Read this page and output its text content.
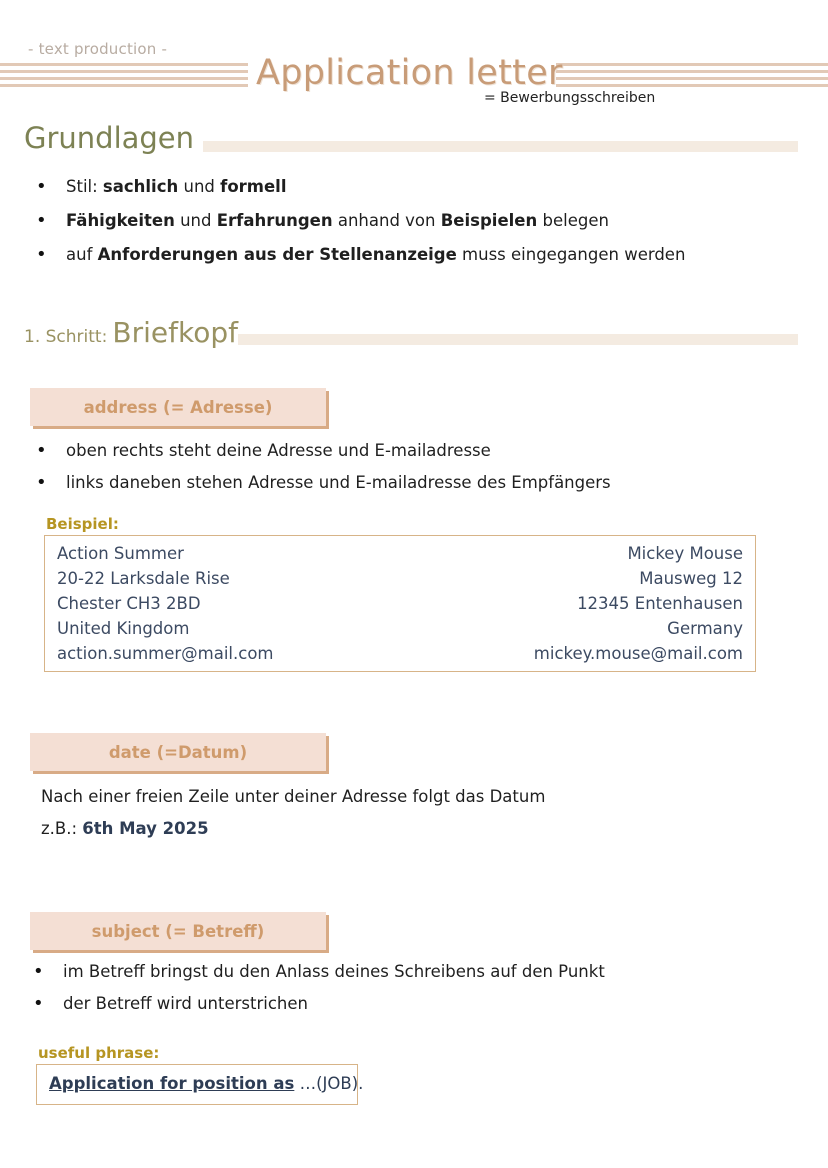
- text production -
Application letter
= Bewerbungsschreiben
Grundlagen
• Stil: sachlich und formell
• Fähigkeiten und Erfahrungen anhand von Beispielen belegen
• auf Anforderungen aus der Stellenanzeige muss eingegangen werden
1. Schritt: Briefkopf
address (= Adresse)
• oben rechts steht deine Adresse und E-mailadresse
• links daneben stehen Adresse und E-mailadresse des Empfängers
Beispiel:
Action Summer
20-22 Larksdale Rise
Chester CH3 2BD
United Kingdom
action.summer@mail.com
Mickey Mouse
Mausweg 12
12345 Entenhausen
Germany
mickey.mouse@mail.com
date (=Datum)
Nach einer freien Zeile unter deiner Adresse folgt das Datum
z.B.: 6th May 2025
subject (= Betreff)
• im Betreff bringst du den Anlass deines Schreibens auf den Punkt
• der Betreff wird unterstrichen
useful phrase:
Application for position as …(JOB).
